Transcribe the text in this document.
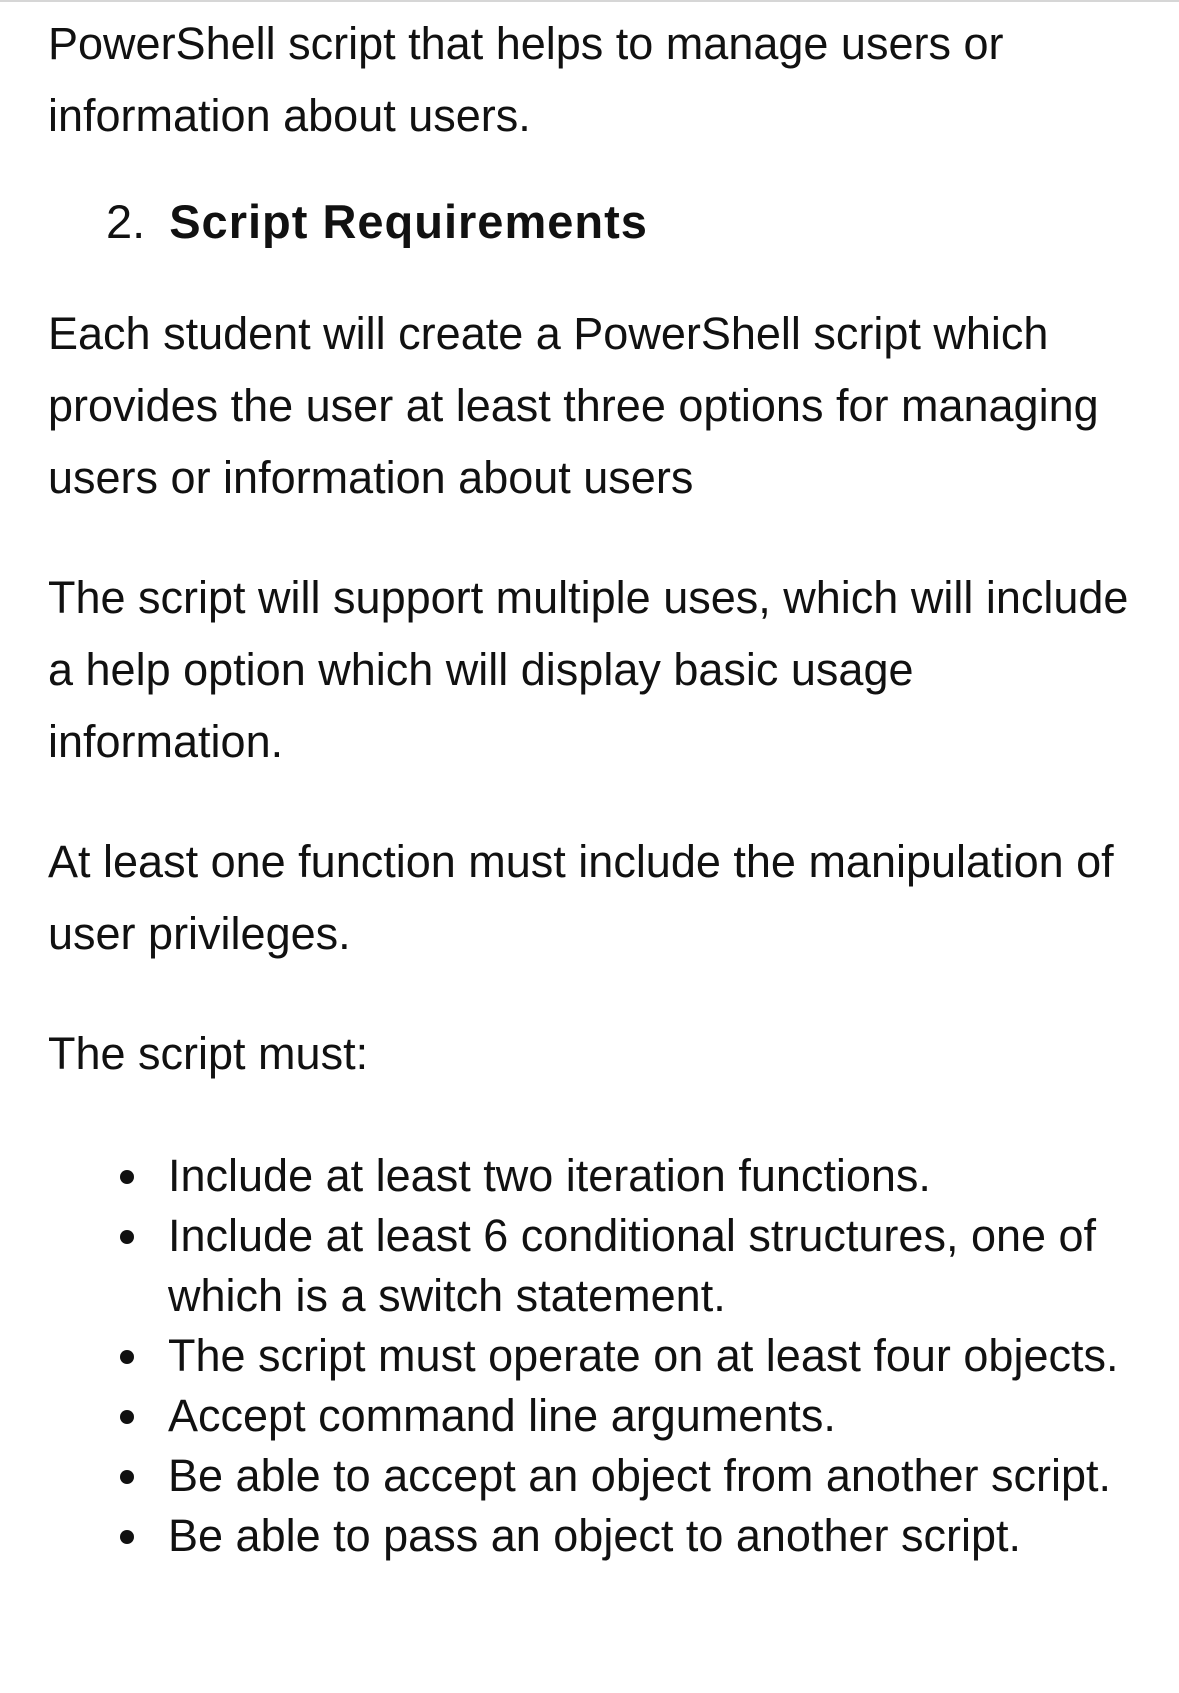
PowerShell script that helps to manage users or information about users.

2. Script Requirements

Each student will create a PowerShell script which provides the user at least three options for managing users or information about users

The script will support multiple uses, which will include a help option which will display basic usage information.

At least one function must include the manipulation of user privileges.

The script must:

Include at least two iteration functions.
Include at least 6 conditional structures, one of which is a switch statement.
The script must operate on at least four objects.
Accept command line arguments.
Be able to accept an object from another script.
Be able to pass an object to another script.
